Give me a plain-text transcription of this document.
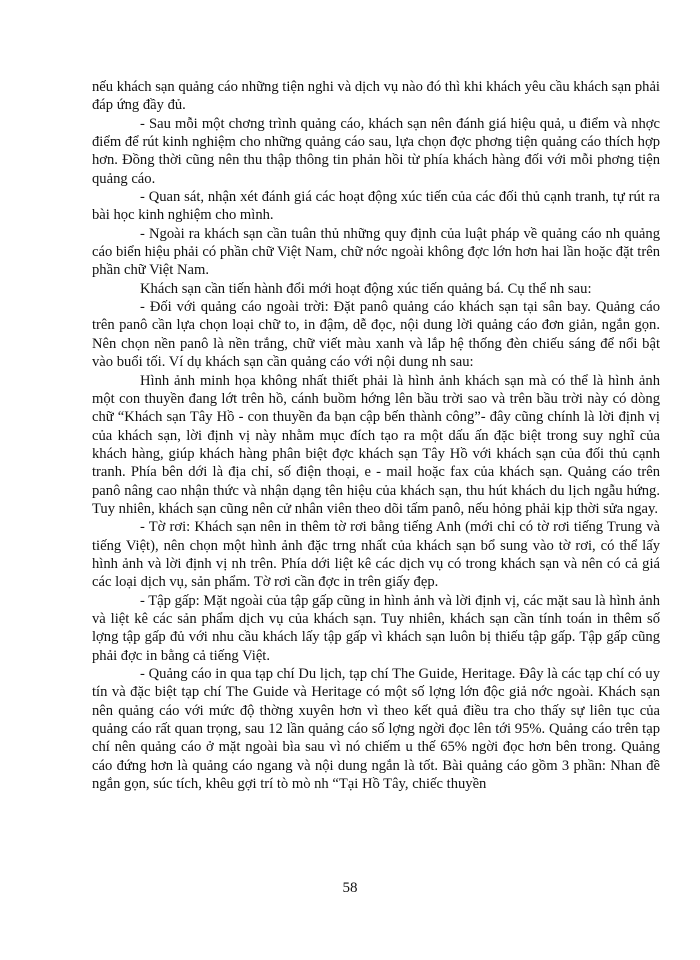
nếu khách sạn quảng cáo những tiện nghi và dịch vụ nào đó thì khi khách yêu cầu khách sạn phải đáp ứng đầy đủ.

- Sau mỗi một chơng trình quảng cáo, khách sạn nên đánh giá hiệu quả, u điểm và nhợc điểm để rút kinh nghiệm cho những quảng cáo sau, lựa chọn đợc phơng tiện quảng cáo thích hợp hơn. Đồng thời cũng nên thu thập thông tin phản hồi từ phía khách hàng đối với mỗi phơng tiện quảng cáo.

- Quan sát, nhận xét đánh giá các hoạt động xúc tiến của các đối thủ cạnh tranh, tự rút ra bài học kinh nghiệm cho mình.

- Ngoài ra khách sạn cần tuân thủ những quy định của luật pháp về quảng cáo nh quảng cáo biển hiệu phải có phần chữ Việt Nam, chữ nớc ngoài không đợc lớn hơn hai lần hoặc đặt trên phần chữ Việt Nam.

Khách sạn cần tiến hành đổi mới hoạt động xúc tiến quảng bá. Cụ thể nh sau:

- Đối với quảng cáo ngoài trời: Đặt panô quảng cáo khách sạn tại sân bay. Quảng cáo trên panô cần lựa chọn loại chữ to, in đậm, dễ đọc, nội dung lời quảng cáo đơn giản, ngắn gọn. Nên chọn nền panô là nền trắng, chữ viết màu xanh và lắp hệ thống đèn chiếu sáng để nổi bật vào buổi tối. Ví dụ khách sạn cần quảng cáo với nội dung nh sau:

Hình ảnh minh họa không nhất thiết phải là hình ảnh khách sạn mà có thể là hình ảnh một con thuyền đang lớt trên hồ, cánh buồm hớng lên bầu trời sao và trên bầu trời này có dòng chữ “Khách sạn Tây Hồ - con thuyền đa bạn cập bến thành công”- đây cũng chính là lời định vị của khách sạn, lời định vị này nhằm mục đích tạo ra một dấu ấn đặc biệt trong suy nghĩ của khách hàng, giúp khách hàng phân biệt đợc khách sạn Tây Hồ với khách sạn của đối thủ cạnh tranh. Phía bên dới là địa chỉ, số điện thoại, e - mail hoặc fax của khách sạn. Quảng cáo trên panô nâng cao nhận thức và nhận dạng tên hiệu của khách sạn, thu hút khách du lịch ngẫu hứng. Tuy nhiên, khách sạn cũng nên cử nhân viên theo dõi tấm panô, nếu hỏng phải kịp thời sửa ngay.

- Tờ rơi: Khách sạn nên in thêm tờ rơi bằng tiếng Anh (mới chỉ có tờ rơi tiếng Trung và tiếng Việt), nên chọn một hình ảnh đặc trng nhất của khách sạn bổ sung vào tờ rơi, có thể lấy hình ảnh và lời định vị nh trên. Phía dới liệt kê các dịch vụ có trong khách sạn và nên có cả giá các loại dịch vụ, sản phẩm. Tờ rơi cần đợc in trên giấy đẹp.

- Tập gấp: Mặt ngoài của tập gấp cũng in hình ảnh và lời định vị, các mặt sau là hình ảnh và liệt kê các sản phẩm dịch vụ của khách sạn. Tuy nhiên, khách sạn cần tính toán in thêm số lợng tập gấp đủ với nhu cầu khách lấy tập gấp vì khách sạn luôn bị thiếu tập gấp. Tập gấp cũng phải đợc in bằng cả tiếng Việt.

- Quảng cáo in qua tạp chí Du lịch, tạp chí The Guide, Heritage. Đây là các tạp chí có uy tín và đặc biệt tạp chí The Guide và Heritage có một số lợng lớn độc giả nớc ngoài. Khách sạn nên quảng cáo với mức độ thờng xuyên hơn vì theo kết quả điều tra cho thấy sự liên tục của quảng cáo rất quan trọng, sau 12 lần quảng cáo số lợng ngời đọc lên tới 95%. Quảng cáo trên tạp chí nên quảng cáo ở mặt ngoài bìa sau vì nó chiếm u thế 65% ngời đọc hơn bên trong. Quảng cáo đứng hơn là quảng cáo ngang và nội dung ngắn là tốt. Bài quảng cáo gồm 3 phần: Nhan đề ngắn gọn, súc tích, khêu gợi trí tò mò nh “Tại Hồ Tây, chiếc thuyền

58
